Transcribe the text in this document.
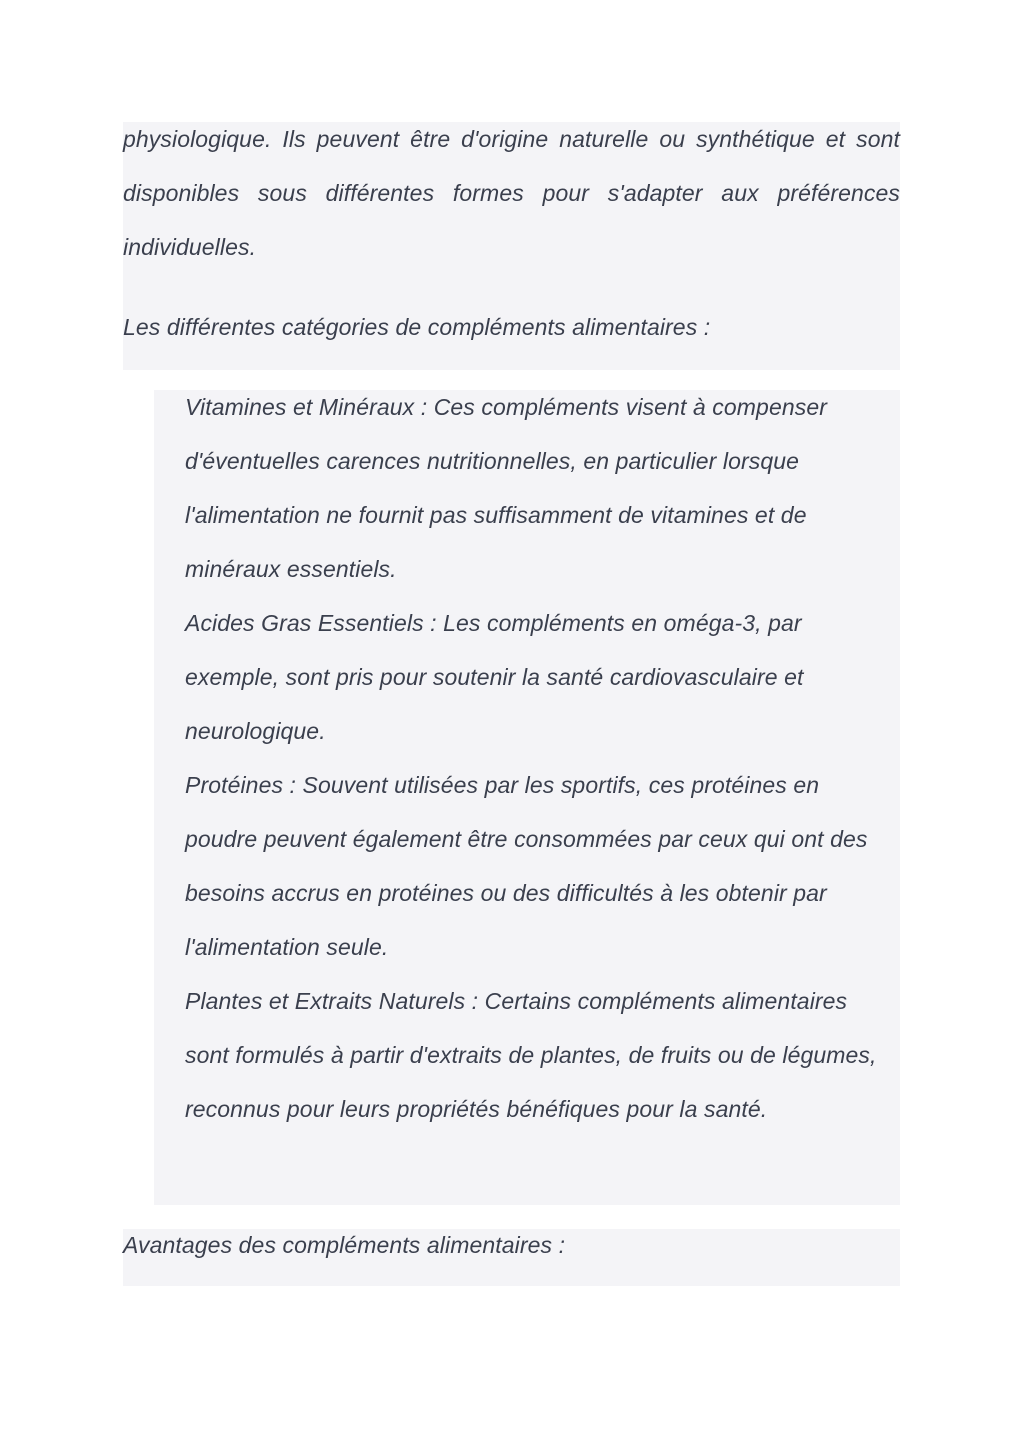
physiologique. Ils peuvent être d'origine naturelle ou synthétique et sont disponibles sous différentes formes pour s'adapter aux préférences individuelles.

Les différentes catégories de compléments alimentaires :

Vitamines et Minéraux : Ces compléments visent à compenser d'éventuelles carences nutritionnelles, en particulier lorsque l'alimentation ne fournit pas suffisamment de vitamines et de minéraux essentiels.
Acides Gras Essentiels : Les compléments en oméga-3, par exemple, sont pris pour soutenir la santé cardiovasculaire et neurologique.
Protéines : Souvent utilisées par les sportifs, ces protéines en poudre peuvent également être consommées par ceux qui ont des besoins accrus en protéines ou des difficultés à les obtenir par l'alimentation seule.
Plantes et Extraits Naturels : Certains compléments alimentaires sont formulés à partir d'extraits de plantes, de fruits ou de légumes, reconnus pour leurs propriétés bénéfiques pour la santé.

Avantages des compléments alimentaires :
